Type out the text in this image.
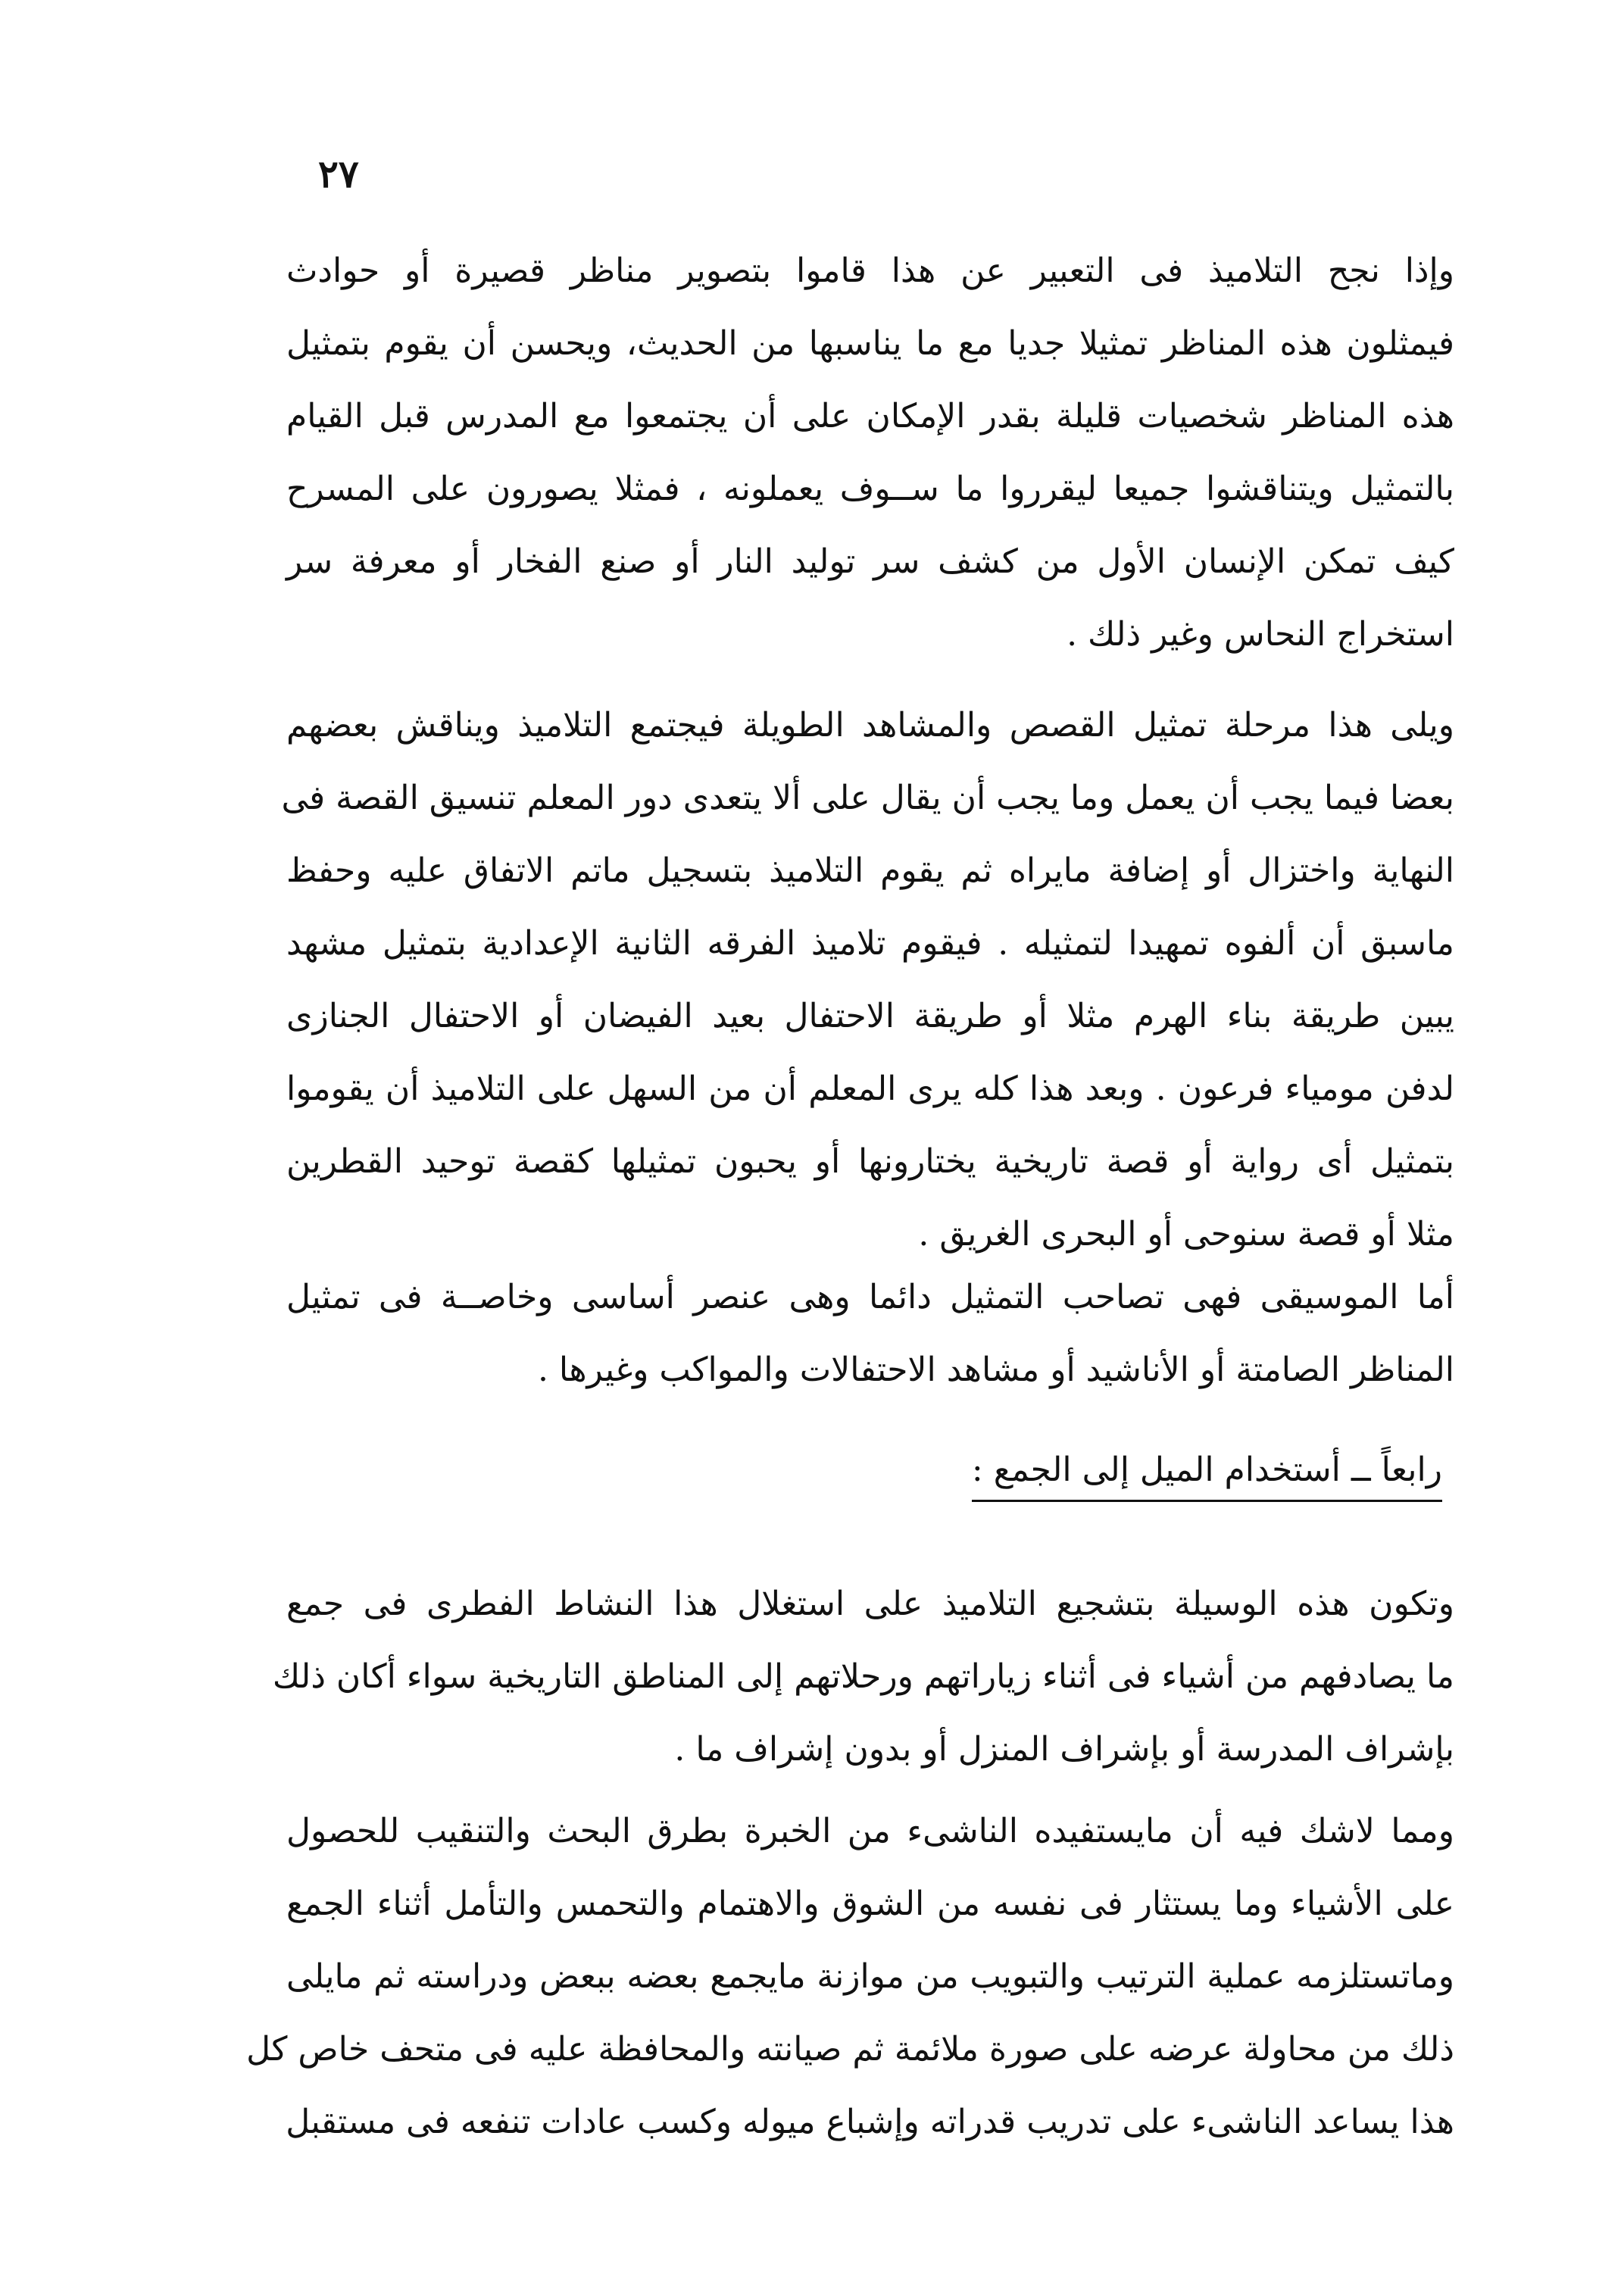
٢٧
وإذا نجح التلاميذ فى التعبير عن هذا قاموا بتصوير مناظر قصيرة أو حوادث
فيمثلون هذه المناظر تمثيلا جديا مع ما يناسبها من الحديث، ويحسن أن يقوم بتمثيل
هذه المناظر شخصيات قليلة بقدر الإمكان على أن يجتمعوا مع المدرس قبل القيام
بالتمثيل ويتناقشوا جميعا ليقرروا ما ســوف يعملونه ، فمثلا يصورون على المسرح
كيف تمكن الإنسان الأول من كشف سر توليد النار أو صنع الفخار أو معرفة سر
استخراج النحاس وغير ذلك .
ويلى هذا مرحلة تمثيل القصص والمشاهد الطويلة فيجتمع التلاميذ ويناقش بعضهم
بعضا فيما يجب أن يعمل وما يجب أن يقال على ألا يتعدى دور المعلم تنسيق القصة فى
النهاية واختزال أو إضافة مايراه ثم يقوم التلاميذ بتسجيل ماتم الاتفاق عليه وحفظ
ماسبق أن ألفوه تمهيدا لتمثيله . فيقوم تلاميذ الفرقه الثانية الإعدادية بتمثيل مشهد
يبين طريقة بناء الهرم مثلا أو طريقة الاحتفال بعيد الفيضان أو الاحتفال الجنازى
لدفن مومياء فرعون . وبعد هذا كله يرى المعلم أن من السهل على التلاميذ أن يقوموا
بتمثيل أى رواية أو قصة تاريخية يختارونها أو يحبون تمثيلها كقصة توحيد القطرين
مثلا أو قصة سنوحى أو البحرى الغريق .
أما الموسيقى فهى تصاحب التمثيل دائما وهى عنصر أساسى وخاصــة فى تمثيل
المناظر الصامتة أو الأناشيد أو مشاهد الاحتفالات والمواكب وغيرها .
رابعاً ــ أستخدام الميل إلى الجمع :
وتكون هذه الوسيلة بتشجيع التلاميذ على استغلال هذا النشاط الفطرى فى جمع
ما يصادفهم من أشياء فى أثناء زياراتهم ورحلاتهم إلى المناطق التاريخية سواء أكان ذلك
بإشراف المدرسة أو بإشراف المنزل أو بدون إشراف ما .
ومما لاشك فيه أن مايستفيده الناشىء من الخبرة بطرق البحث والتنقيب للحصول
على الأشياء وما يستثار فى نفسه من الشوق والاهتمام والتحمس والتأمل أثناء الجمع
وماتستلزمه عملية الترتيب والتبويب من موازنة مايجمع بعضه ببعض ودراسته ثم مايلى
ذلك من محاولة عرضه على صورة ملائمة ثم صيانته والمحافظة عليه فى متحف خاص كل
هذا يساعد الناشىء على تدريب قدراته وإشباع ميوله وكسب عادات تنفعه فى مستقبل
